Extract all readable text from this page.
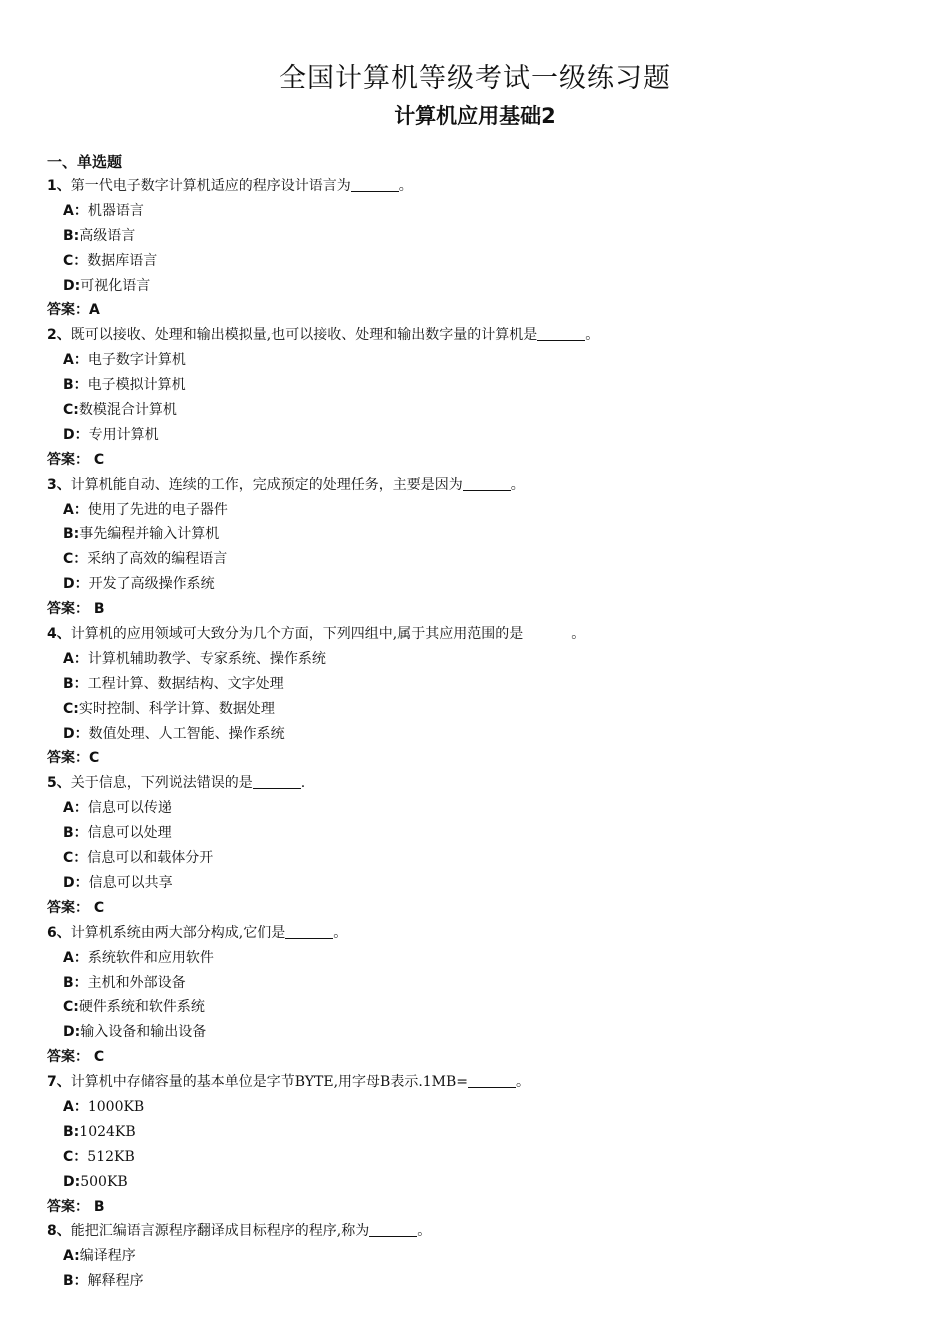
全国计算机等级考试一级练习题
计算机应用基础2
一、单选题
1、第一代电子数字计算机适应的程序设计语言为	。
A：机器语言
B:高级语言
C：数据库语言
D:可视化语言
答案：A
2、既可以接收、处理和输出模拟量,也可以接收、处理和输出数字量的计算机是	。
A：电子数字计算机
B：电子模拟计算机
C:数模混合计算机
D：专用计算机
答案： C
3、计算机能自动、连续的工作，完成预定的处理任务，主要是因为	。
A：使用了先进的电子器件
B:事先编程并输入计算机
C：采纳了高效的编程语言
D：开发了高级操作系统
答案： B
4、计算机的应用领域可大致分为几个方面，下列四组中,属于其应用范围的是	。
A：计算机辅助教学、专家系统、操作系统
B：工程计算、数据结构、文字处理
C:实时控制、科学计算、数据处理
D：数值处理、人工智能、操作系统
答案：C
5、关于信息，下列说法错误的是	.
A：信息可以传递
B：信息可以处理
C：信息可以和载体分开
D：信息可以共享
答案： C
6、计算机系统由两大部分构成,它们是	。
A：系统软件和应用软件
B：主机和外部设备
C:硬件系统和软件系统
D:输入设备和输出设备
答案： C
7、计算机中存储容量的基本单位是字节BYTE,用字母B表示.1MB=	。
A：1000KB
B:1024KB
C：512KB
D:500KB
答案： B
8、能把汇编语言源程序翻译成目标程序的程序,称为	。
A:编译程序
B：解释程序
